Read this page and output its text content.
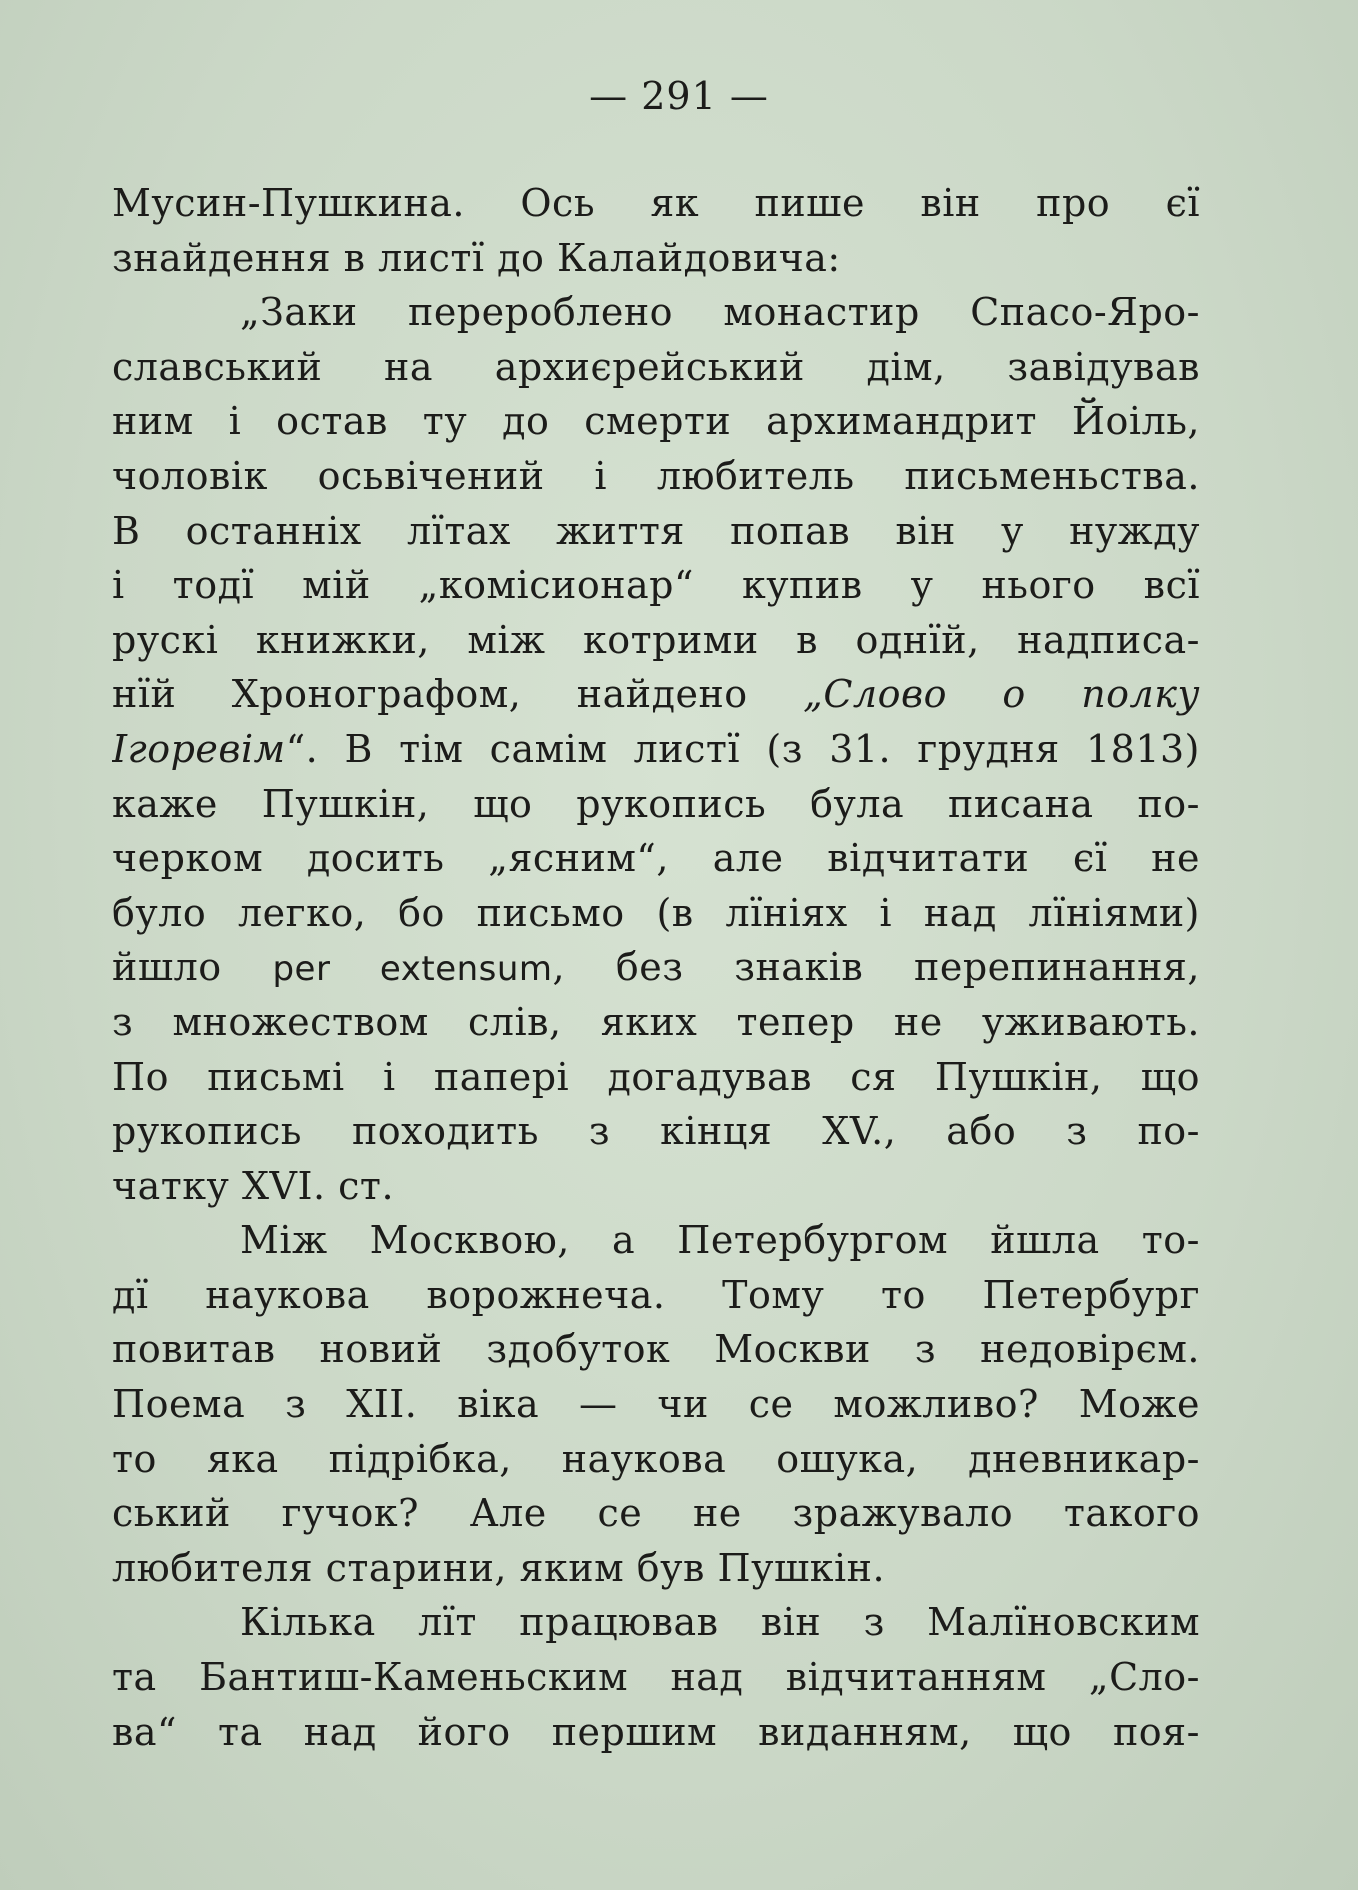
— 291 —
Мусин-Пушкина. Ось як пише він про єї
знайдення в листї до Калайдовича:
„Заки перероблено монастир Спасо-Яро-
славський на архиєрейський дім, завідував
ним і остав ту до смерти архимандрит Йоіль,
чоловік осьвічений і любитель письменьства.
В останніх лїтах життя попав він у нужду
і тодї мій „комісионар“ купив у нього всї
рускі книжки, між котрими в однїй, надписа-
нїй Хронографом, найдено „Слово о полку
Ігоревім“. В тім самім листї (з 31. грудня 1813)
каже Пушкін, що рукопись була писана по-
черком досить „ясним“, але відчитати єї не
було легко, бо письмо (в лїніях і над лїніями)
йшло per extensum, без знаків перепинання,
з множеством слів, яких тепер не уживають.
По письмі і папері догадував ся Пушкін, що
рукопись походить з кінця XV., або з по-
чатку XVI. ст.
Між Москвою, а Петербургом йшла то-
дї наукова ворожнеча. Тому то Петербург
повитав новий здобуток Москви з недовірєм.
Поема з XII. віка — чи се можливо? Може
то яка підрібка, наукова ошука, дневникар-
ський гучок? Але се не зражувало такого
любителя старини, яким був Пушкін.
Кілька лїт працював він з Малїновским
та Бантиш-Каменьским над відчитанням „Сло-
ва“ та над його першим виданням, що поя-
